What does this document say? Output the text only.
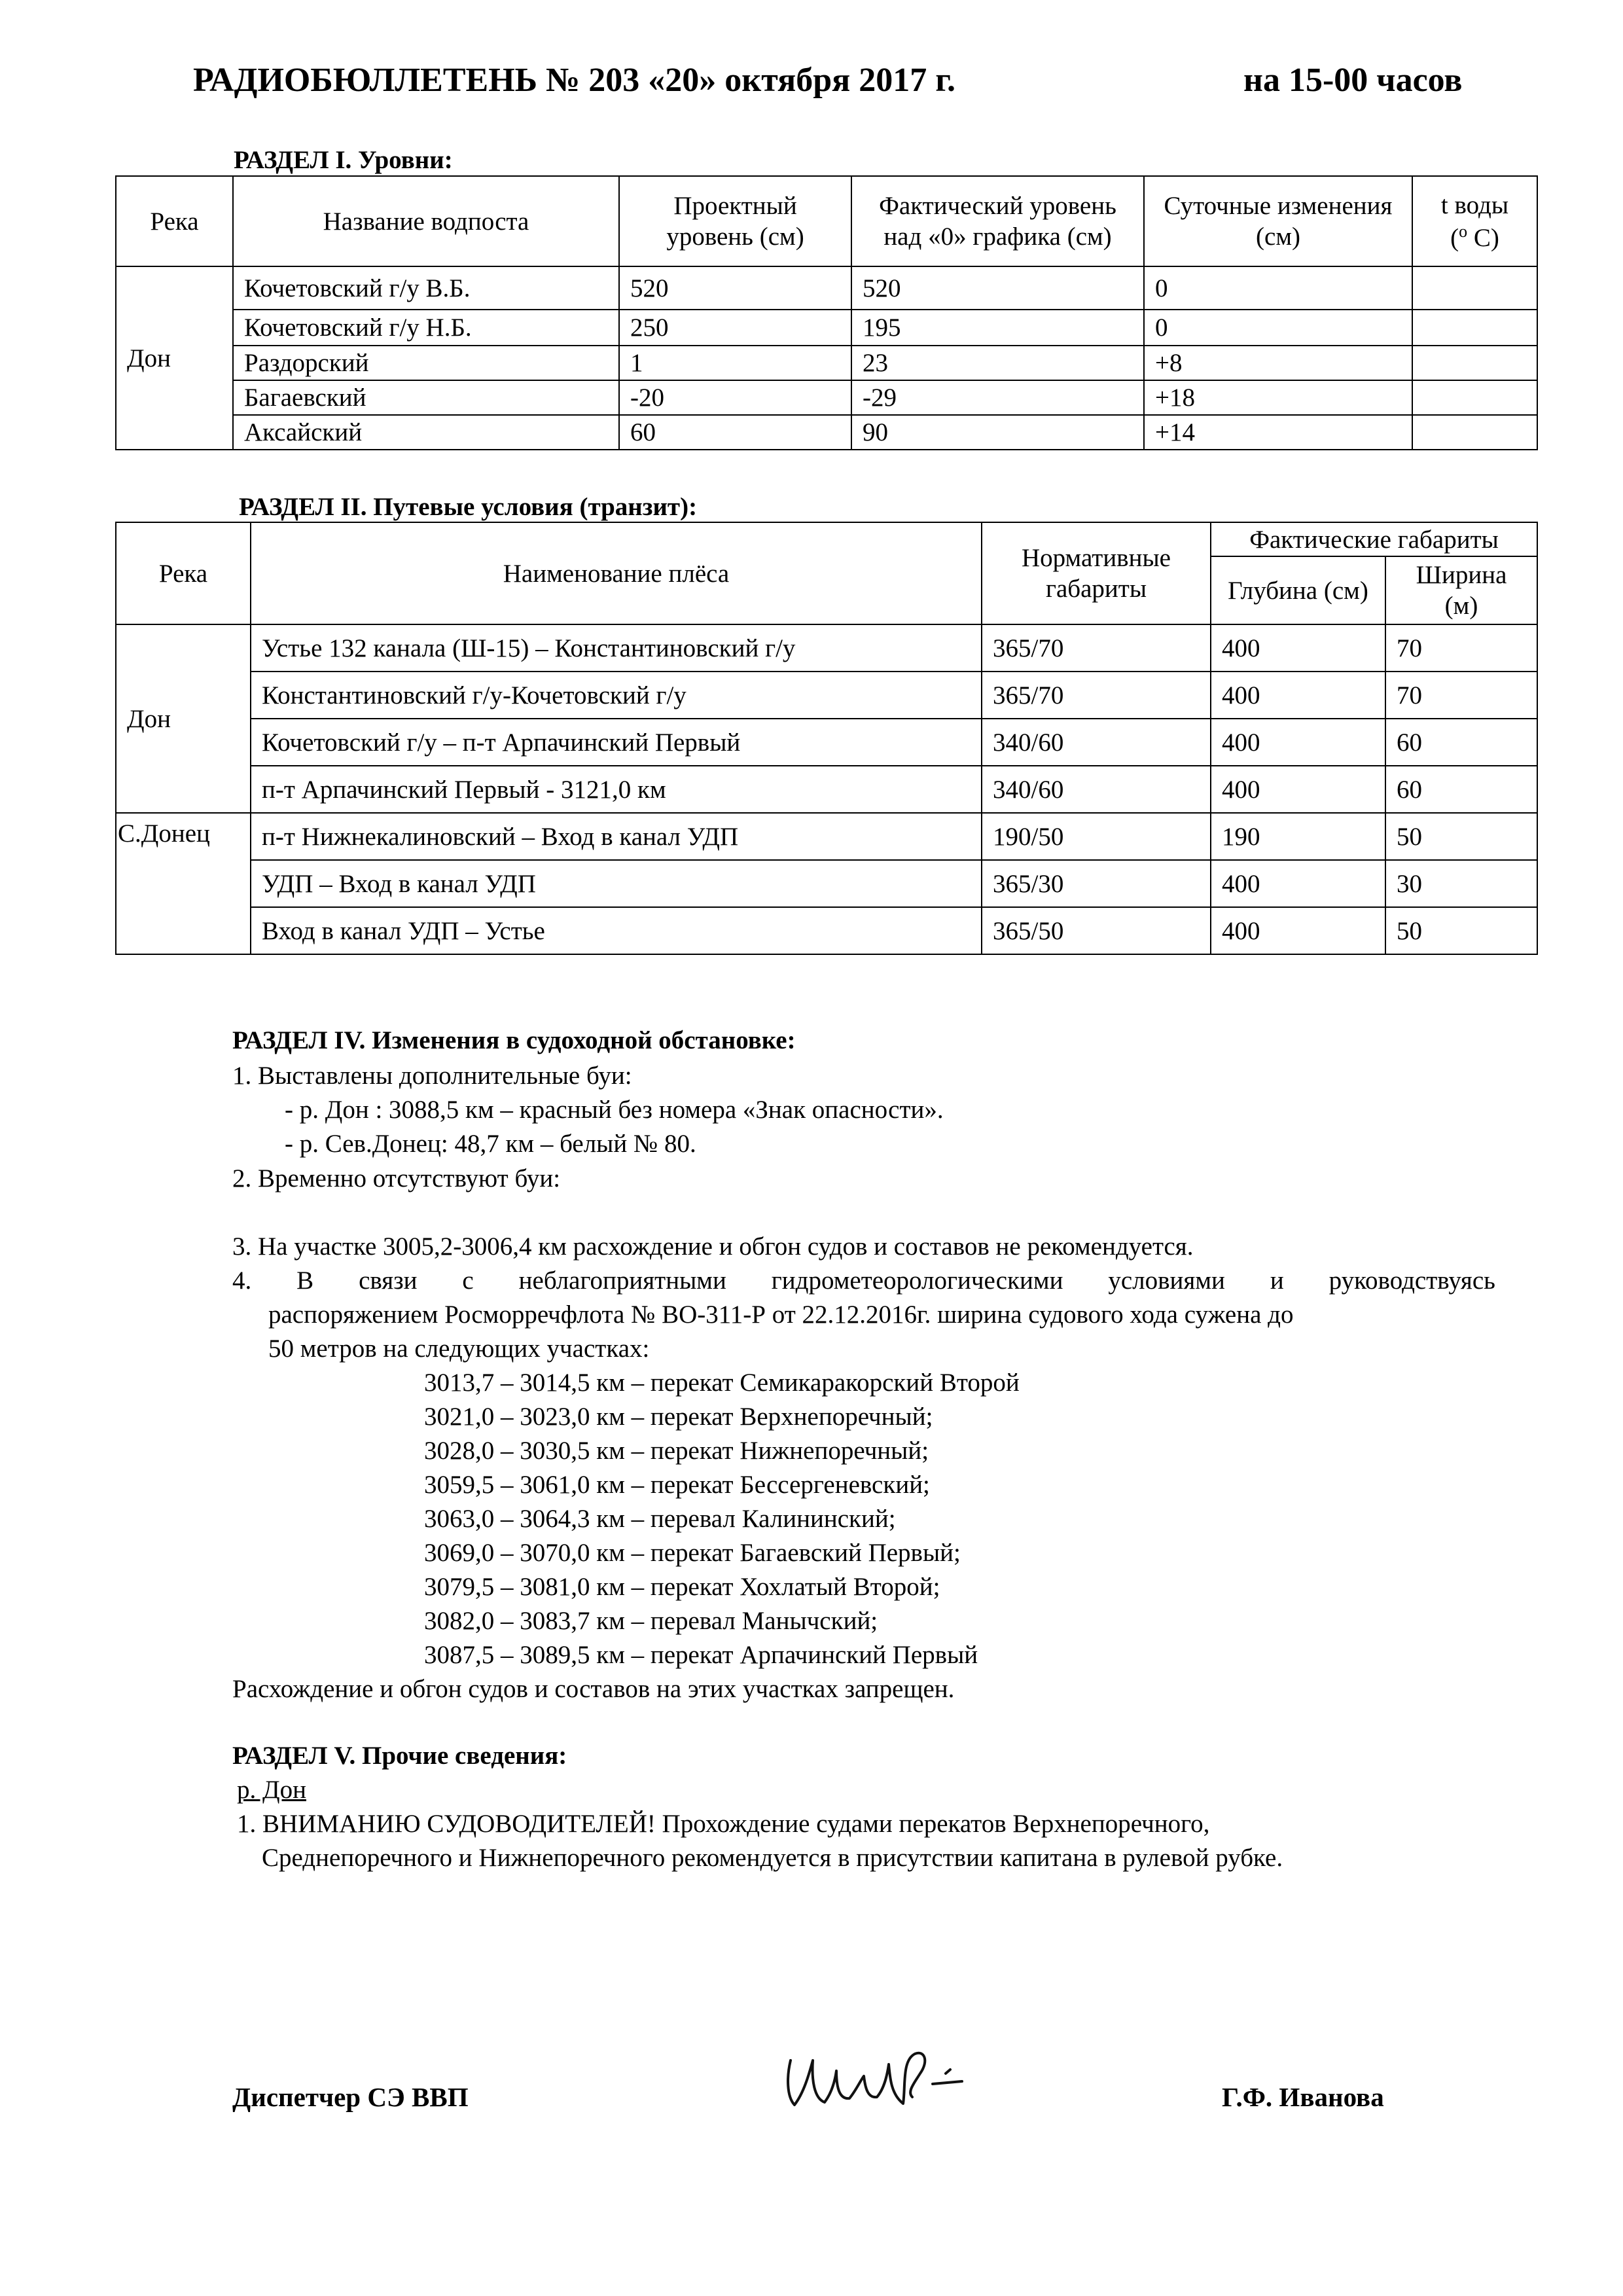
РАДИОБЮЛЛЕТЕНЬ № 203 «20» октября 2017 г.	на 15-00 часов
РАЗДЕЛ I. Уровни:
Река	Название водпоста	Проектный уровень (см)	Фактический уровень над «0» графика (см)	Суточные изменения (см)	t воды
($^o$ C)
Дон	Кочетовский г/у В.Б.	520	520	0	
	Кочетовский г/у Н.Б.	250	195	0	
	Раздорский	1	23	+8	
	Багаевский	-20	-29	+18	
	Аксайский	60	90	+14	
РАЗДЕЛ II. Путевые условия (транзит):
Река	Наименование плёса	Нормативные габариты	Фактические габариты	
			Глубина (см)	Ширина (м)
Дон	Устье 132 канала (Ш-15) – Константиновский г/у	365/70	400	70
	Константиновский г/у-Кочетовский г/у	365/70	400	70
	Кочетовский г/у – п-т Арпачинский Первый	340/60	400	60
	п-т Арпачинский Первый - 3121,0 км	340/60	400	60
С.Донец	п-т Нижнекалиновский – Вход в канал УДП	190/50	190	50
	УДП – Вход в канал УДП	365/30	400	30
	Вход в канал УДП – Устье	365/50	400	50
РАЗДЕЛ IV. Изменения в судоходной обстановке:
1. Выставлены дополнительные буи:
- р. Дон : 3088,5 км – красный без номера «Знак опасности».
- р. Сев.Донец: 48,7 км – белый № 80.
2. Временно отсутствуют буи:
3. На участке 3005,2-3006,4 км расхождение и обгон судов и составов не рекомендуется.
4. В связи с неблагоприятными гидрометеорологическими условиями и руководствуясь
распоряжением Росморречфлота № ВО-311-Р от 22.12.2016г. ширина судового хода сужена до
50 метров на следующих участках:
3013,7 – 3014,5 км – перекат Семикаракорский Второй
3021,0 – 3023,0 км – перекат Верхнепоречный;
3028,0 – 3030,5 км – перекат Нижнепоречный;
3059,5 – 3061,0 км – перекат Бессергеневский;
3063,0 – 3064,3 км – перевал Калининский;
3069,0 – 3070,0 км – перекат Багаевский Первый;
3079,5 – 3081,0 км – перекат Хохлатый Второй;
3082,0 – 3083,7 км – перевал Манычский;
3087,5 – 3089,5 км – перекат Арпачинский Первый
Расхождение и обгон судов и составов на этих участках запрещен.
РАЗДЕЛ V. Прочие сведения:
р. Дон
1. ВНИМАНИЮ СУДОВОДИТЕЛЕЙ! Прохождение судами перекатов Верхнепоречного,
Среднепоречного и Нижнепоречного рекомендуется в присутствии капитана в рулевой рубке.
Диспетчер СЭ ВВП	Г.Ф. Иванова
